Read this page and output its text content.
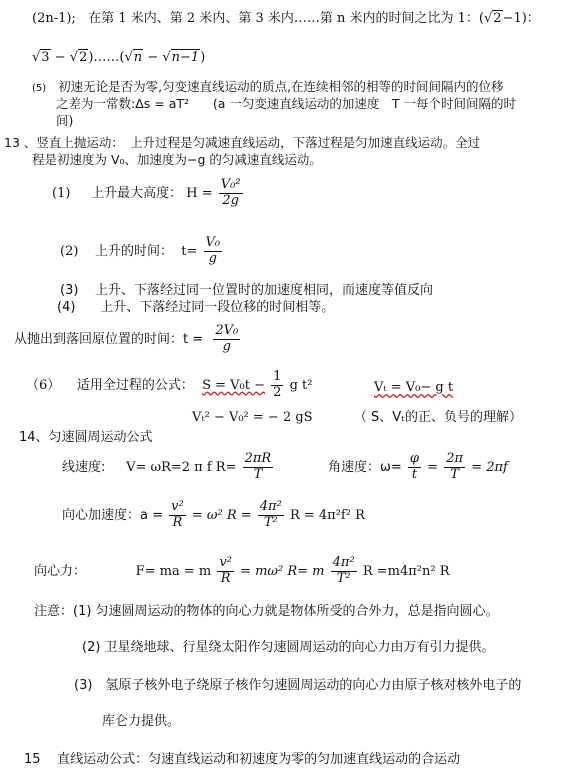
(2n-1); 在第 1 米内、第 2 米内、第 3 米内……第 n 米内的时间之比为 1：(√2−1)：
√3 − √2)……(√n − √n−1)
(5) 初速无论是否为零,匀变速直线运动的质点,在连续相邻的相等的时间间隔内的位移
之差为一常数:Δs = aT² (a 一匀变速直线运动的加速度　T 一每个时间间隔的时
间)
13 、竖直上抛运动：　上升过程是匀减速直线运动，下落过程是匀加速直线运动。全过
程是初速度为 V₀、加速度为−g 的匀减速直线运动。
(1) 上升最大高度： $H = \frac{\text{V₀²}}{2g}$
(2) 上升的时间： $t= \frac{\text{V₀}}{g}$
(3) 上升、下落经过同一位置时的加速度相同，而速度等值反向
(4) 上升、下落经过同一段位移的时间相等。
从抛出到落回原位置的时间：$t = \frac{\text{2V₀}}{g}$
（6） 适用全过程的公式： $S = V_0t - \frac{1}{2}$ g t²	Vₜ = V₀− g t
Vₜ² − V₀² = − 2 gS	（ S、Vₜ的正、负号的理解）
14、匀速圆周运动公式
线速度: V= ωR=2 π f $R= \frac{2\pi R}{T}$	角速度：$\omega= \frac{\varphi}{t} = \frac{2\pi}{T} = 2\pi f$
向心加速度：$a = \frac{\text{v²}}{R} = \omega^2$ $R = \frac{\text{4π²}}{\text{T²}}$ R = 4π²f² R
向心力：	F= ma = m $\frac{\text{v²}}{R} = m\omega^2$ R= m $\frac{\text{4π²}}{\text{T²}}$ R =m4π²n² R
注意：(1) 匀速圆周运动的物体的向心力就是物体所受的合外力，总是指向圆心。
(2) 卫星绕地球、行星绕太阳作匀速圆周运动的向心力由万有引力提供。
(3)　氢原子核外电子绕原子核作匀速圆周运动的向心力由原子核对核外电子的
库仑力提供。
15 直线运动公式：匀速直线运动和初速度为零的匀加速直线运动的合运动
